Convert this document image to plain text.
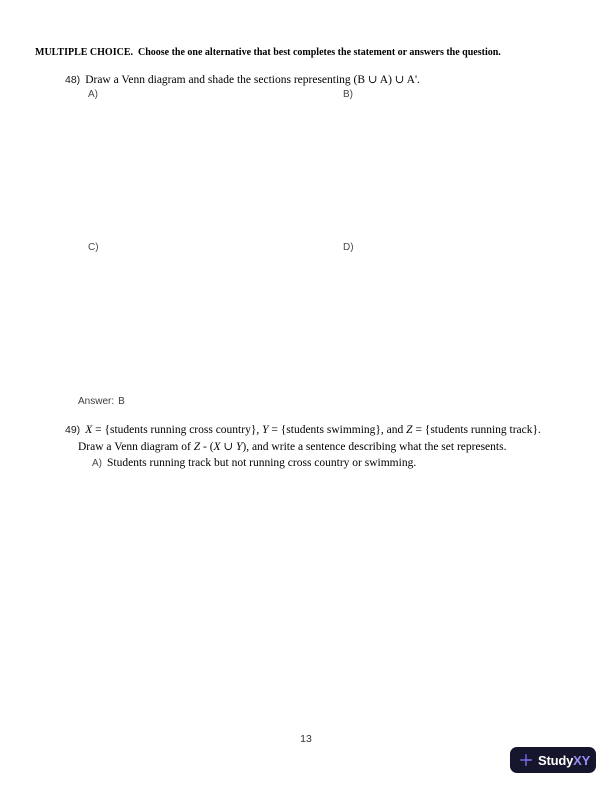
MULTIPLE CHOICE.  Choose the one alternative that best completes the statement or answers the question.
48) Draw a Venn diagram and shade the sections representing (B ∪ A) ∪ A'.
A)	B)
C)	D)
Answer: B
49) X = {students running cross country}, Y = {students swimming}, and Z = {students running track}.
Draw a Venn diagram of Z - (X ∪ Y), and write a sentence describing what the set represents.
A) Students running track but not running cross country or swimming.
13
Study XY
